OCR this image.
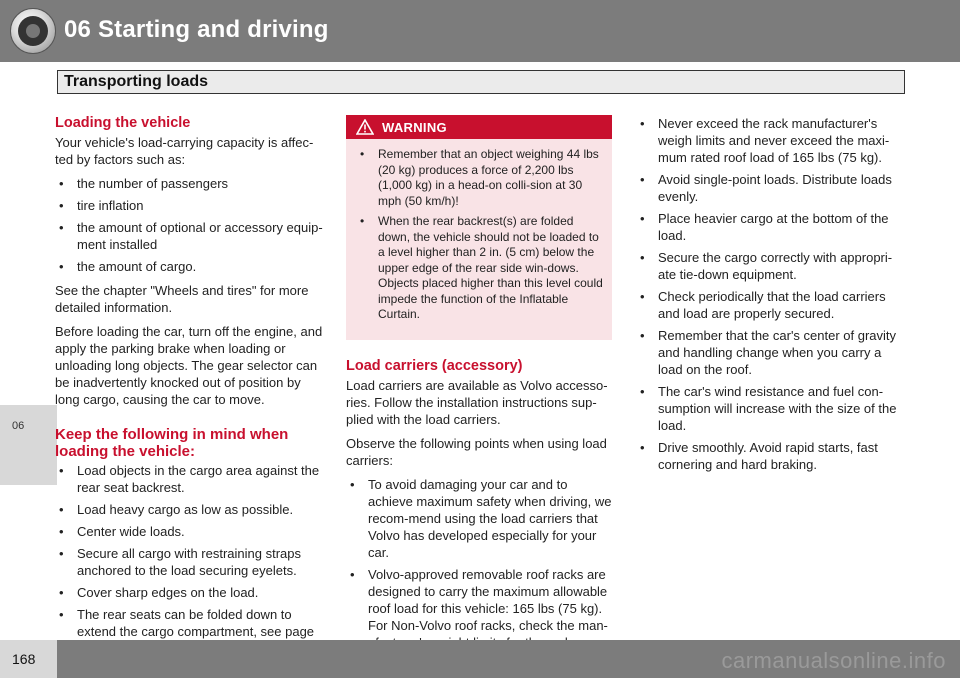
06 Starting and driving
Transporting loads
06
Loading the vehicle

Your vehicle's load-carrying capacity is affec-ted by factors such as:

• the number of passengers
• tire inflation
• the amount of optional or accessory equip-ment installed
• the amount of cargo.

See the chapter "Wheels and tires" for more detailed information.

Before loading the car, turn off the engine, and apply the parking brake when loading or unloading long objects. The gear selector can be inadvertently knocked out of position by long cargo, causing the car to move.

Keep the following in mind when loading the vehicle:
• Load objects in the cargo area against the rear seat backrest.
• Load heavy cargo as low as possible.
• Center wide loads.
• Secure all cargo with restraining straps anchored to the load securing eyelets.
• Cover sharp edges on the load.
• The rear seats can be folded down to extend the cargo compartment, see page
WARNING
• Remember that an object weighing 44 lbs (20 kg) produces a force of 2,200 lbs (1,000 kg) in a head-on colli-sion at 30 mph (50 km/h)!
• When the rear backrest(s) are folded down, the vehicle should not be loaded to a level higher than 2 in. (5 cm) below the upper edge of the rear side win-dows. Objects placed higher than this level could impede the function of the Inflatable Curtain.
Load carriers (accessory)

Load carriers are available as Volvo accesso-ries. Follow the installation instructions sup-plied with the load carriers.

Observe the following points when using load carriers:

• To avoid damaging your car and to achieve maximum safety when driving, we recom-mend using the load carriers that Volvo has developed especially for your car.
• Volvo-approved removable roof racks are designed to carry the maximum allowable roof load for this vehicle: 165 lbs (75 kg). For Non-Volvo roof racks, check the man-
• Never exceed the rack manufacturer's weigh limits and never exceed the maxi-mum rated roof load of 165 lbs (75 kg).
• Avoid single-point loads. Distribute loads evenly.
• Place heavier cargo at the bottom of the load.
• Secure the cargo correctly with appropri-ate tie-down equipment.
• Check periodically that the load carriers and load are properly secured.
• Remember that the car's center of gravity and handling change when you carry a load on the roof.
• The car's wind resistance and fuel con-sumption will increase with the size of the load.
• Drive smoothly. Avoid rapid starts, fast cornering and hard braking.
168	carmanualsonline.info
